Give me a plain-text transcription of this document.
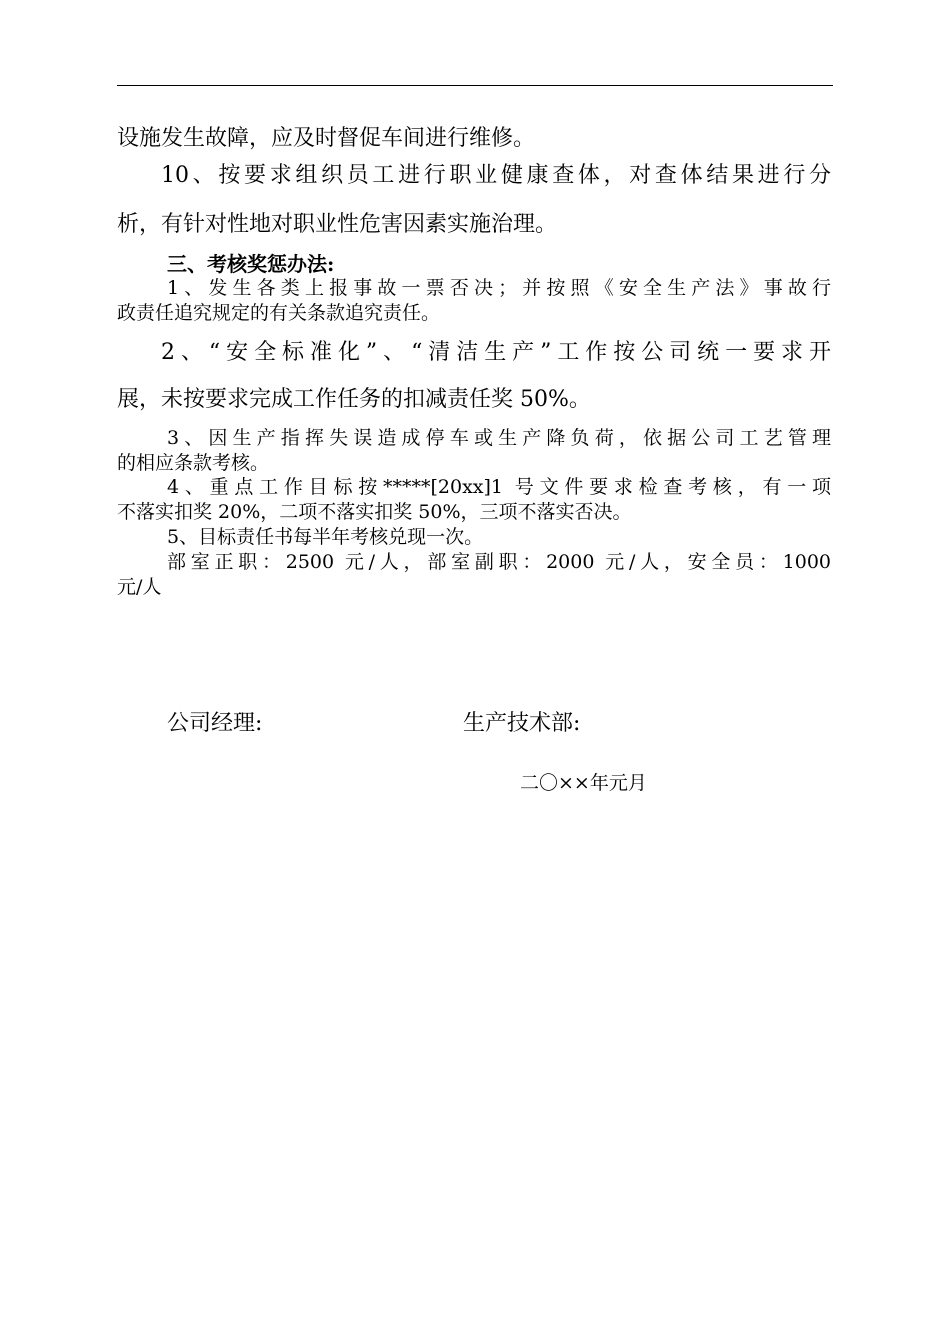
设施发生故障，应及时督促车间进行维修。
10、按要求组织员工进行职业健康查体，对查体结果进行分
析，有针对性地对职业性危害因素实施治理。
三、考核奖惩办法:
1、发生各类上报事故一票否决；并按照《安全生产法》事故行
政责任追究规定的有关条款追究责任。
2、“安全标准化”、“清洁生产”工作按公司统一要求开
展，未按要求完成工作任务的扣减责任奖 50%。
3、因生产指挥失误造成停车或生产降负荷，依据公司工艺管理
的相应条款考核。
4、重点工作目标按*****[20xx]1 号文件要求检查考核，有一项
不落实扣奖 20%，二项不落实扣奖 50%，三项不落实否决。
5、目标责任书每半年考核兑现一次。
部室正职：2500 元/人，部室副职：2000 元/人，安全员：1000
元/人
公司经理:	生产技术部:
二〇××年元月
